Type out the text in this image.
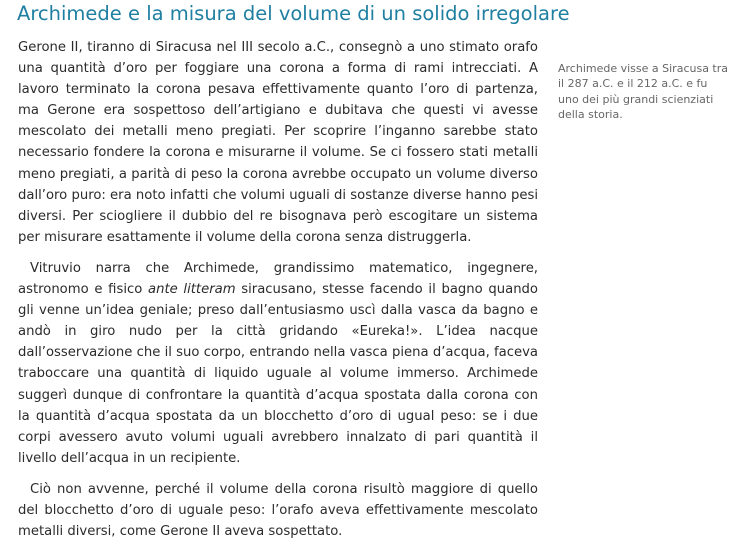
Archimede e la misura del volume di un solido irregolare

Gerone II, tiranno di Siracusa nel III secolo a.C., consegnò a uno stimato orafo una quantità d’oro per foggiare una corona a forma di rami intrecciati. A lavoro terminato la corona pesava effettivamente quanto l’oro di partenza, ma Gerone era sospettoso dell’artigiano e dubitava che questi vi avesse mescolato dei metalli meno pregiati. Per scoprire l’inganno sarebbe stato necessario fondere la corona e misurarne il volume. Se ci fossero stati metalli meno pregiati, a parità di peso la corona avrebbe occupato un volume diverso dall’oro puro: era noto infatti che volumi uguali di sostanze diverse hanno pesi diversi. Per sciogliere il dubbio del re bisognava però escogitare un sistema per misurare esattamente il volume della corona senza distruggerla.

Vitruvio narra che Archimede, grandissimo matematico, ingegnere, astronomo e fisico ante litteram siracusano, stesse facendo il bagno quando gli venne un’idea geniale; preso dall’entusiasmo uscì dalla vasca da bagno e andò in giro nudo per la città gridando «Eureka!». L’idea nacque dall’osservazione che il suo corpo, entrando nella vasca piena d’acqua, faceva traboccare una quantità di liquido uguale al volume immerso. Archimede suggerì dunque di confrontare la quantità d’acqua spostata dalla corona con la quantità d’acqua spostata da un blocchetto d’oro di ugual peso: se i due corpi avessero avuto volumi uguali avrebbero innalzato di pari quantità il livello dell’acqua in un recipiente.

Ciò non avvenne, perché il volume della corona risultò maggiore di quello del blocchetto d’oro di uguale peso: l’orafo aveva effettivamente mescolato metalli diversi, come Gerone II aveva sospettato.

Archimede visse a Siracusa tra il 287 a.C. e il 212 a.C. e fu uno dei più grandi scienziati della storia.
